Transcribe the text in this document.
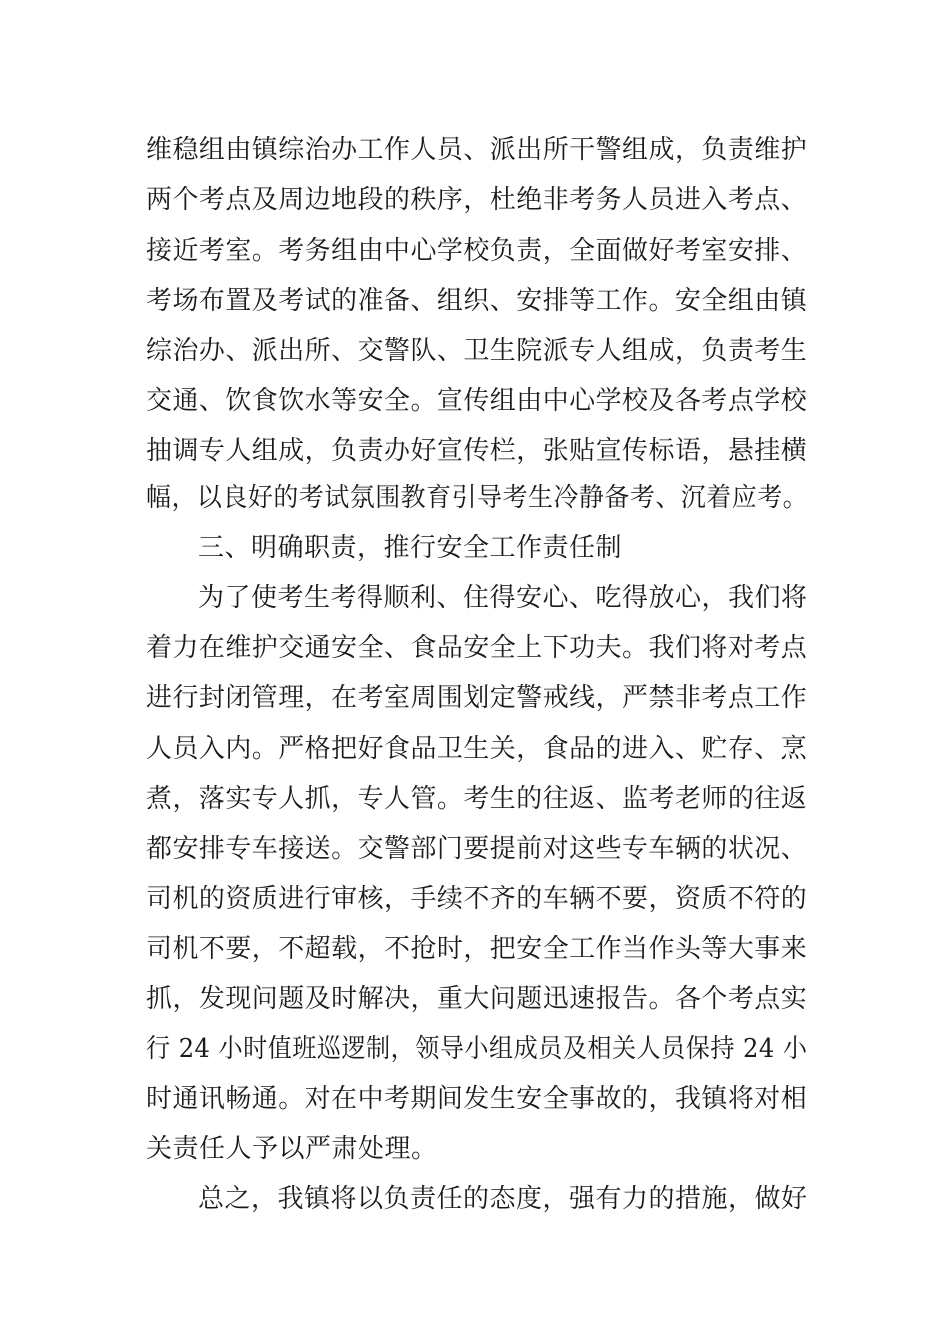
维稳组由镇综治办工作人员、派出所干警组成，负责维护
两个考点及周边地段的秩序，杜绝非考务人员进入考点、
接近考室。考务组由中心学校负责，全面做好考室安排、
考场布置及考试的准备、组织、安排等工作。安全组由镇
综治办、派出所、交警队、卫生院派专人组成，负责考生
交通、饮食饮水等安全。宣传组由中心学校及各考点学校
抽调专人组成，负责办好宣传栏，张贴宣传标语，悬挂横
幅，以良好的考试氛围教育引导考生冷静备考、沉着应考。
三、明确职责，推行安全工作责任制
为了使考生考得顺利、住得安心、吃得放心，我们将
着力在维护交通安全、食品安全上下功夫。我们将对考点
进行封闭管理，在考室周围划定警戒线，严禁非考点工作
人员入内。严格把好食品卫生关，食品的进入、贮存、烹
煮，落实专人抓，专人管。考生的往返、监考老师的往返
都安排专车接送。交警部门要提前对这些专车辆的状况、
司机的资质进行审核，手续不齐的车辆不要，资质不符的
司机不要，不超载，不抢时，把安全工作当作头等大事来
抓，发现问题及时解决，重大问题迅速报告。各个考点实
行 24 小时值班巡逻制，领导小组成员及相关人员保持 24 小
时通讯畅通。对在中考期间发生安全事故的，我镇将对相
关责任人予以严肃处理。
总之，我镇将以负责任的态度，强有力的措施，做好
